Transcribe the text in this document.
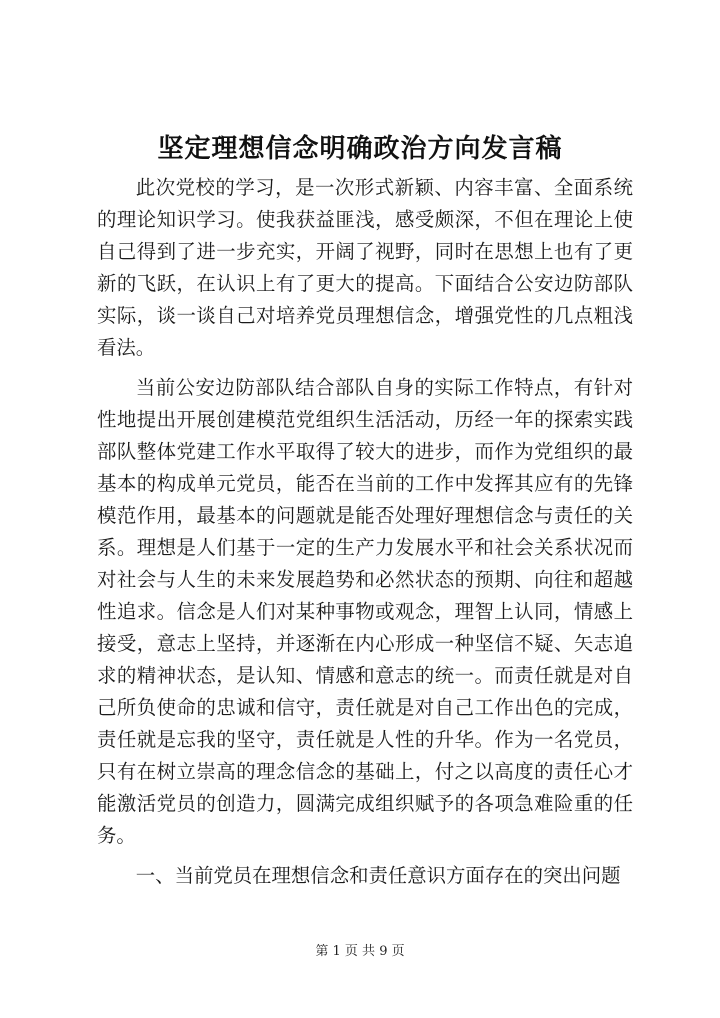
坚定理想信念明确政治方向发言稿

此次党校的学习，是一次形式新颖、内容丰富、全面系统的理论知识学习。使我获益匪浅，感受颇深，不但在理论上使自己得到了进一步充实，开阔了视野，同时在思想上也有了更新的飞跃，在认识上有了更大的提高。下面结合公安边防部队实际，谈一谈自己对培养党员理想信念，增强党性的几点粗浅看法。

当前公安边防部队结合部队自身的实际工作特点，有针对性地提出开展创建模范党组织生活活动，历经一年的探索实践部队整体党建工作水平取得了较大的进步，而作为党组织的最基本的构成单元党员，能否在当前的工作中发挥其应有的先锋模范作用，最基本的问题就是能否处理好理想信念与责任的关系。理想是人们基于一定的生产力发展水平和社会关系状况而对社会与人生的未来发展趋势和必然状态的预期、向往和超越性追求。信念是人们对某种事物或观念，理智上认同，情感上接受，意志上坚持，并逐渐在内心形成一种坚信不疑、矢志追求的精神状态，是认知、情感和意志的统一。而责任就是对自己所负使命的忠诚和信守，责任就是对自己工作出色的完成，责任就是忘我的坚守，责任就是人性的升华。作为一名党员，只有在树立崇高的理念信念的基础上，付之以高度的责任心才能激活党员的创造力，圆满完成组织赋予的各项急难险重的任务。

一、当前党员在理想信念和责任意识方面存在的突出问题

第 1 页 共 9 页
